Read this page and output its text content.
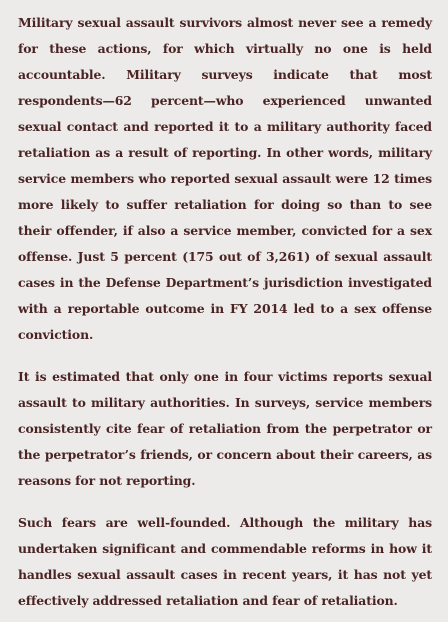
Military sexual assault survivors almost never see a remedy for these actions, for which virtually no one is held accountable. Military surveys indicate that most respondents—62 percent—who experienced unwanted sexual contact and reported it to a military authority faced retaliation as a result of reporting. In other words, military service members who reported sexual assault were 12 times more likely to suffer retaliation for doing so than to see their offender, if also a service member, convicted for a sex offense. Just 5 percent (175 out of 3,261) of sexual assault cases in the Defense Department’s jurisdiction investigated with a reportable outcome in FY 2014 led to a sex offense conviction.

It is estimated that only one in four victims reports sexual assault to military authorities. In surveys, service members consistently cite fear of retaliation from the perpetrator or the perpetrator’s friends, or concern about their careers, as reasons for not reporting.

Such fears are well-founded. Although the military has undertaken significant and commendable reforms in how it handles sexual assault cases in recent years, it has not yet effectively addressed retaliation and fear of retaliation.
